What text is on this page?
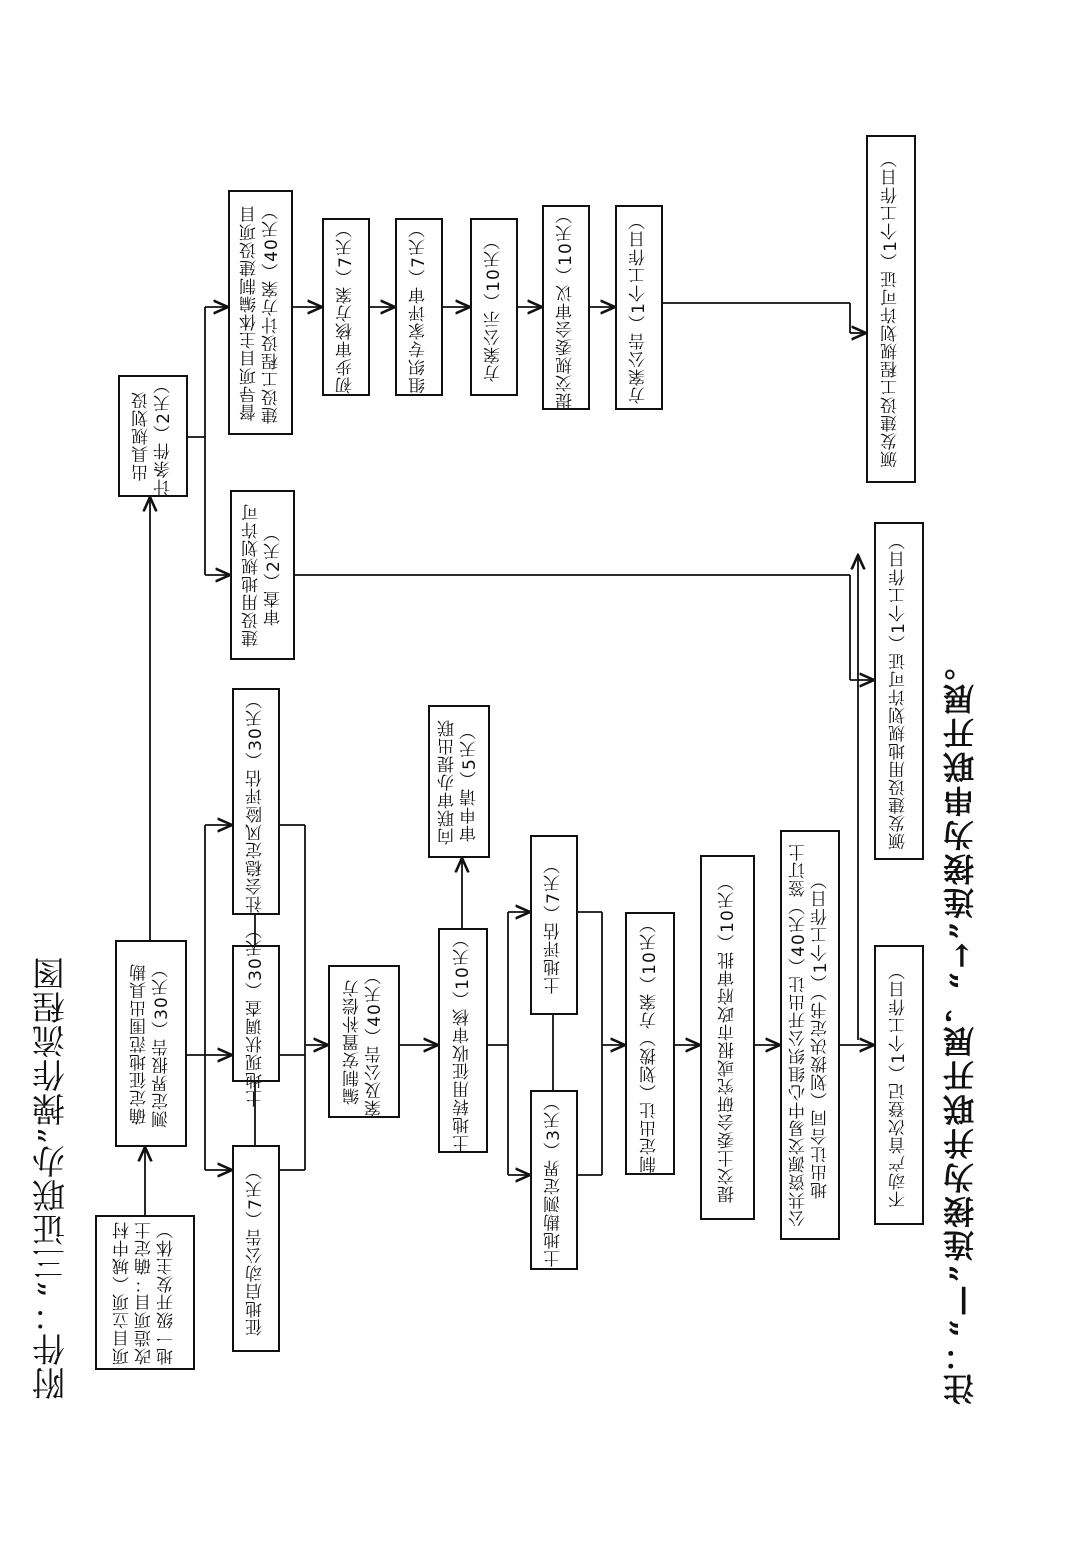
附件：“三证联办”操作流程图	注：“—”连接为并联开展，“→”连接为串联开展。
项目立项（城中村
改造项目：确定土
地一级开发主体）
确定征地范围出具勘
测定界报告（30天）
出具规划设
计条件（2天）
征地启动公告（7天）
土地现状调查（30天）
社会稳定风险评估（30天）
建设用地规划许可
审查（2天）
督导项目主体编制建设项目
建设工程设计方案（40天）
编制安置补偿方
案及公告（40天）
初步审核方案（7天）	组织专家评审（7天）	方案公示（10天）	提交规委会审议（10天）	方案公告（1个工作日）
土地转用征收审核（10天）
向联审办提出联
审申请（5天）
土地勘测定界（3天）
土地评估（7天）	制定出让（划拨）方案（10天）	提交土委会研究或报市政府审批（10天）	公共资源交易中心组织公开出让（40天）签订土
地出让合同（划拨决定书）（1个工作日）	不动产首次登记（1个工作日）
颁发建设用地规划许可证（1个工作日）
颁发建设工程规划许可证（1个工作日）
